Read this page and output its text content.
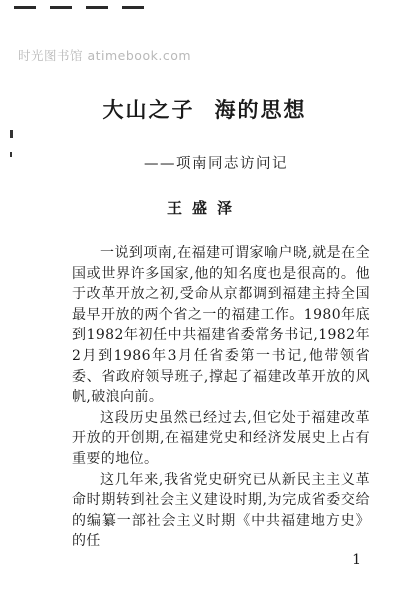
时光图书馆 atimebook.com
大山之子 海的思想
——项南同志访问记
王盛泽

一说到项南,在福建可谓家喻户晓,就是在全国或世界许多国家,他的知名度也是很高的。他于改革开放之初,受命从京都调到福建主持全国最早开放的两个省之一的福建工作。1980年底到1982年初任中共福建省委常务书记,1982年2月到1986年3月任省委第一书记,他带领省委、省政府领导班子,撑起了福建改革开放的风帆,破浪向前。

这段历史虽然已经过去,但它处于福建改革开放的开创期,在福建党史和经济发展史上占有重要的地位。

这几年来,我省党史研究已从新民主主义革命时期转到社会主义建设时期,为完成省委交给的编纂一部社会主义时期《中共福建地方史》的任

1
